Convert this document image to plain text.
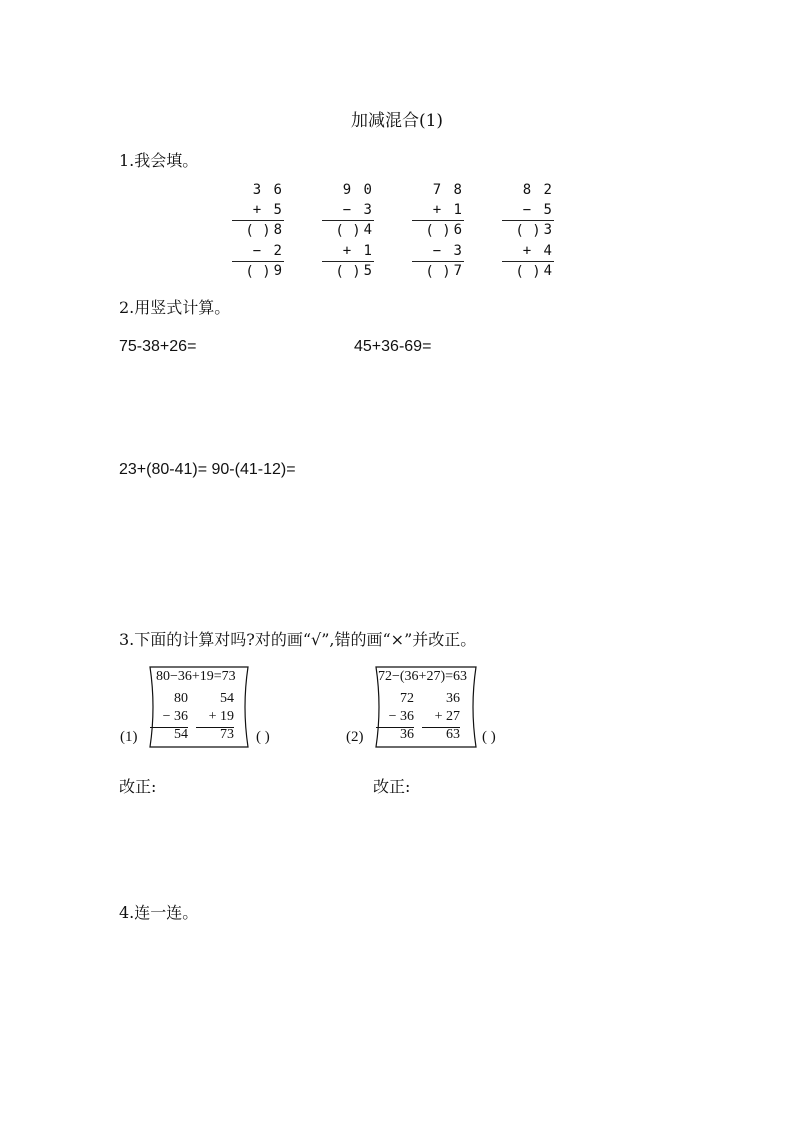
加减混合(1)
1.我会填。
3 6
+ 5 8
( )
− 2 9
( )
9 0
− 3 4
( )
+ 1 5
( )
7 8
+ 1 6
( )
− 3 7
( )
8 2
− 5 3
( )
+ 4 4
( )
2.用竖式计算。
75-38+26=	45+36-69=
23+(80-41)= 90-(41-12)=
3.下面的计算对吗?对的画“√”,错的画“×”并改正。
(1)
80−36+19=73
80
− 36
54
54
+ 19
73 ( )
改正:
(2)
72−(36+27)=63
72
− 36
36
36
+ 27
63 ( )
改正:
4.连一连。
